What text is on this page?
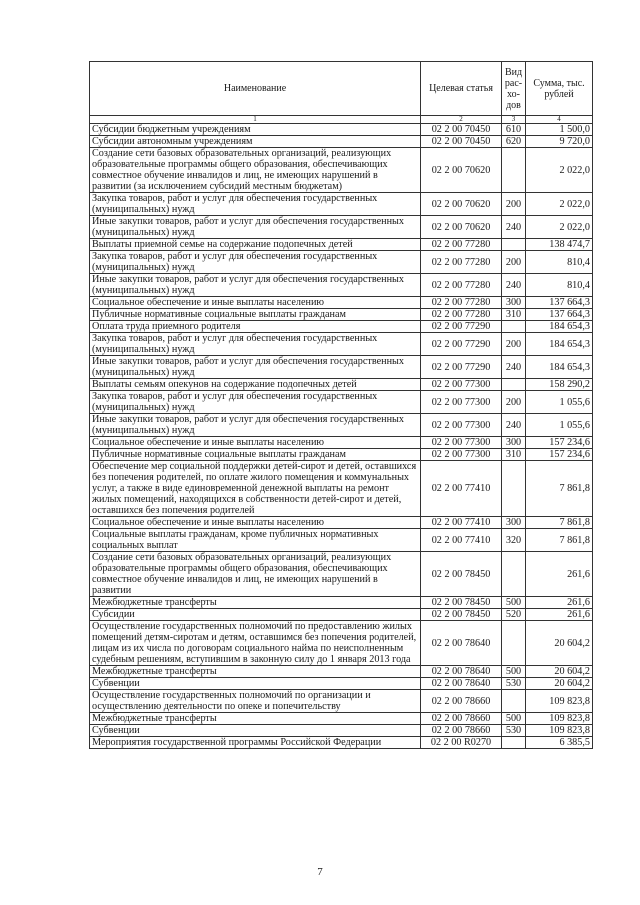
Наименование	Целевая статья	Вид рас-хо-дов	Сумма, тыс. рублей
1	2	3	4
Субсидии бюджетным учреждениям	02 2 00 70450	610	1 500,0
Субсидии автономным учреждениям	02 2 00 70450	620	9 720,0
Создание сети базовых образовательных организаций, реализующих образовательные программы общего образования, обеспечивающих совместное обучение инвалидов и лиц, не имеющих нарушений в развитии (за исключением субсидий местным бюджетам)	02 2 00 70620		2 022,0
Закупка товаров, работ и услуг для обеспечения государственных (муниципальных) нужд	02 2 00 70620	200	2 022,0
Иные закупки товаров, работ и услуг для обеспечения государственных (муниципальных) нужд	02 2 00 70620	240	2 022,0
Выплаты приемной семье на содержание подопечных детей	02 2 00 77280		138 474,7
Закупка товаров, работ и услуг для обеспечения государственных (муниципальных) нужд	02 2 00 77280	200	810,4
Иные закупки товаров, работ и услуг для обеспечения государственных (муниципальных) нужд	02 2 00 77280	240	810,4
Социальное обеспечение и иные выплаты населению	02 2 00 77280	300	137 664,3
Публичные нормативные социальные выплаты гражданам	02 2 00 77280	310	137 664,3
Оплата труда приемного родителя	02 2 00 77290		184 654,3
Закупка товаров, работ и услуг для обеспечения государственных (муниципальных) нужд	02 2 00 77290	200	184 654,3
Иные закупки товаров, работ и услуг для обеспечения государственных (муниципальных) нужд	02 2 00 77290	240	184 654,3
Выплаты семьям опекунов на содержание подопечных детей	02 2 00 77300		158 290,2
Закупка товаров, работ и услуг для обеспечения государственных (муниципальных) нужд	02 2 00 77300	200	1 055,6
Иные закупки товаров, работ и услуг для обеспечения государственных (муниципальных) нужд	02 2 00 77300	240	1 055,6
Социальное обеспечение и иные выплаты населению	02 2 00 77300	300	157 234,6
Публичные нормативные социальные выплаты гражданам	02 2 00 77300	310	157 234,6
Обеспечение мер социальной поддержки детей-сирот и детей, оставшихся без попечения родителей, по оплате жилого помещения и коммунальных услуг, а также в виде единовременной денежной выплаты на ремонт жилых помещений, находящихся в собственности детей-сирот и детей, оставшихся без попечения родителей	02 2 00 77410		7 861,8
Социальное обеспечение и иные выплаты населению	02 2 00 77410	300	7 861,8
Социальные выплаты гражданам, кроме публичных нормативных социальных выплат	02 2 00 77410	320	7 861,8
Создание сети базовых образовательных организаций, реализующих образовательные программы общего образования, обеспечивающих совместное обучение инвалидов и лиц, не имеющих нарушений в развитии	02 2 00 78450		261,6
Межбюджетные трансферты	02 2 00 78450	500	261,6
Субсидии	02 2 00 78450	520	261,6
Осуществление государственных полномочий по предоставлению жилых помещений детям-сиротам и детям, оставшимся без попечения родителей, лицам из их числа по договорам социального найма по неисполненным судебным решениям, вступившим в законную силу до 1 января 2013 года	02 2 00 78640		20 604,2
Межбюджетные трансферты	02 2 00 78640	500	20 604,2
Субвенции	02 2 00 78640	530	20 604,2
Осуществление государственных полномочий по организации и осуществлению деятельности по опеке и попечительству	02 2 00 78660		109 823,8
Межбюджетные трансферты	02 2 00 78660	500	109 823,8
Субвенции	02 2 00 78660	530	109 823,8
Мероприятия государственной программы Российской Федерации	02 2 00 R0270		6 385,5
7
